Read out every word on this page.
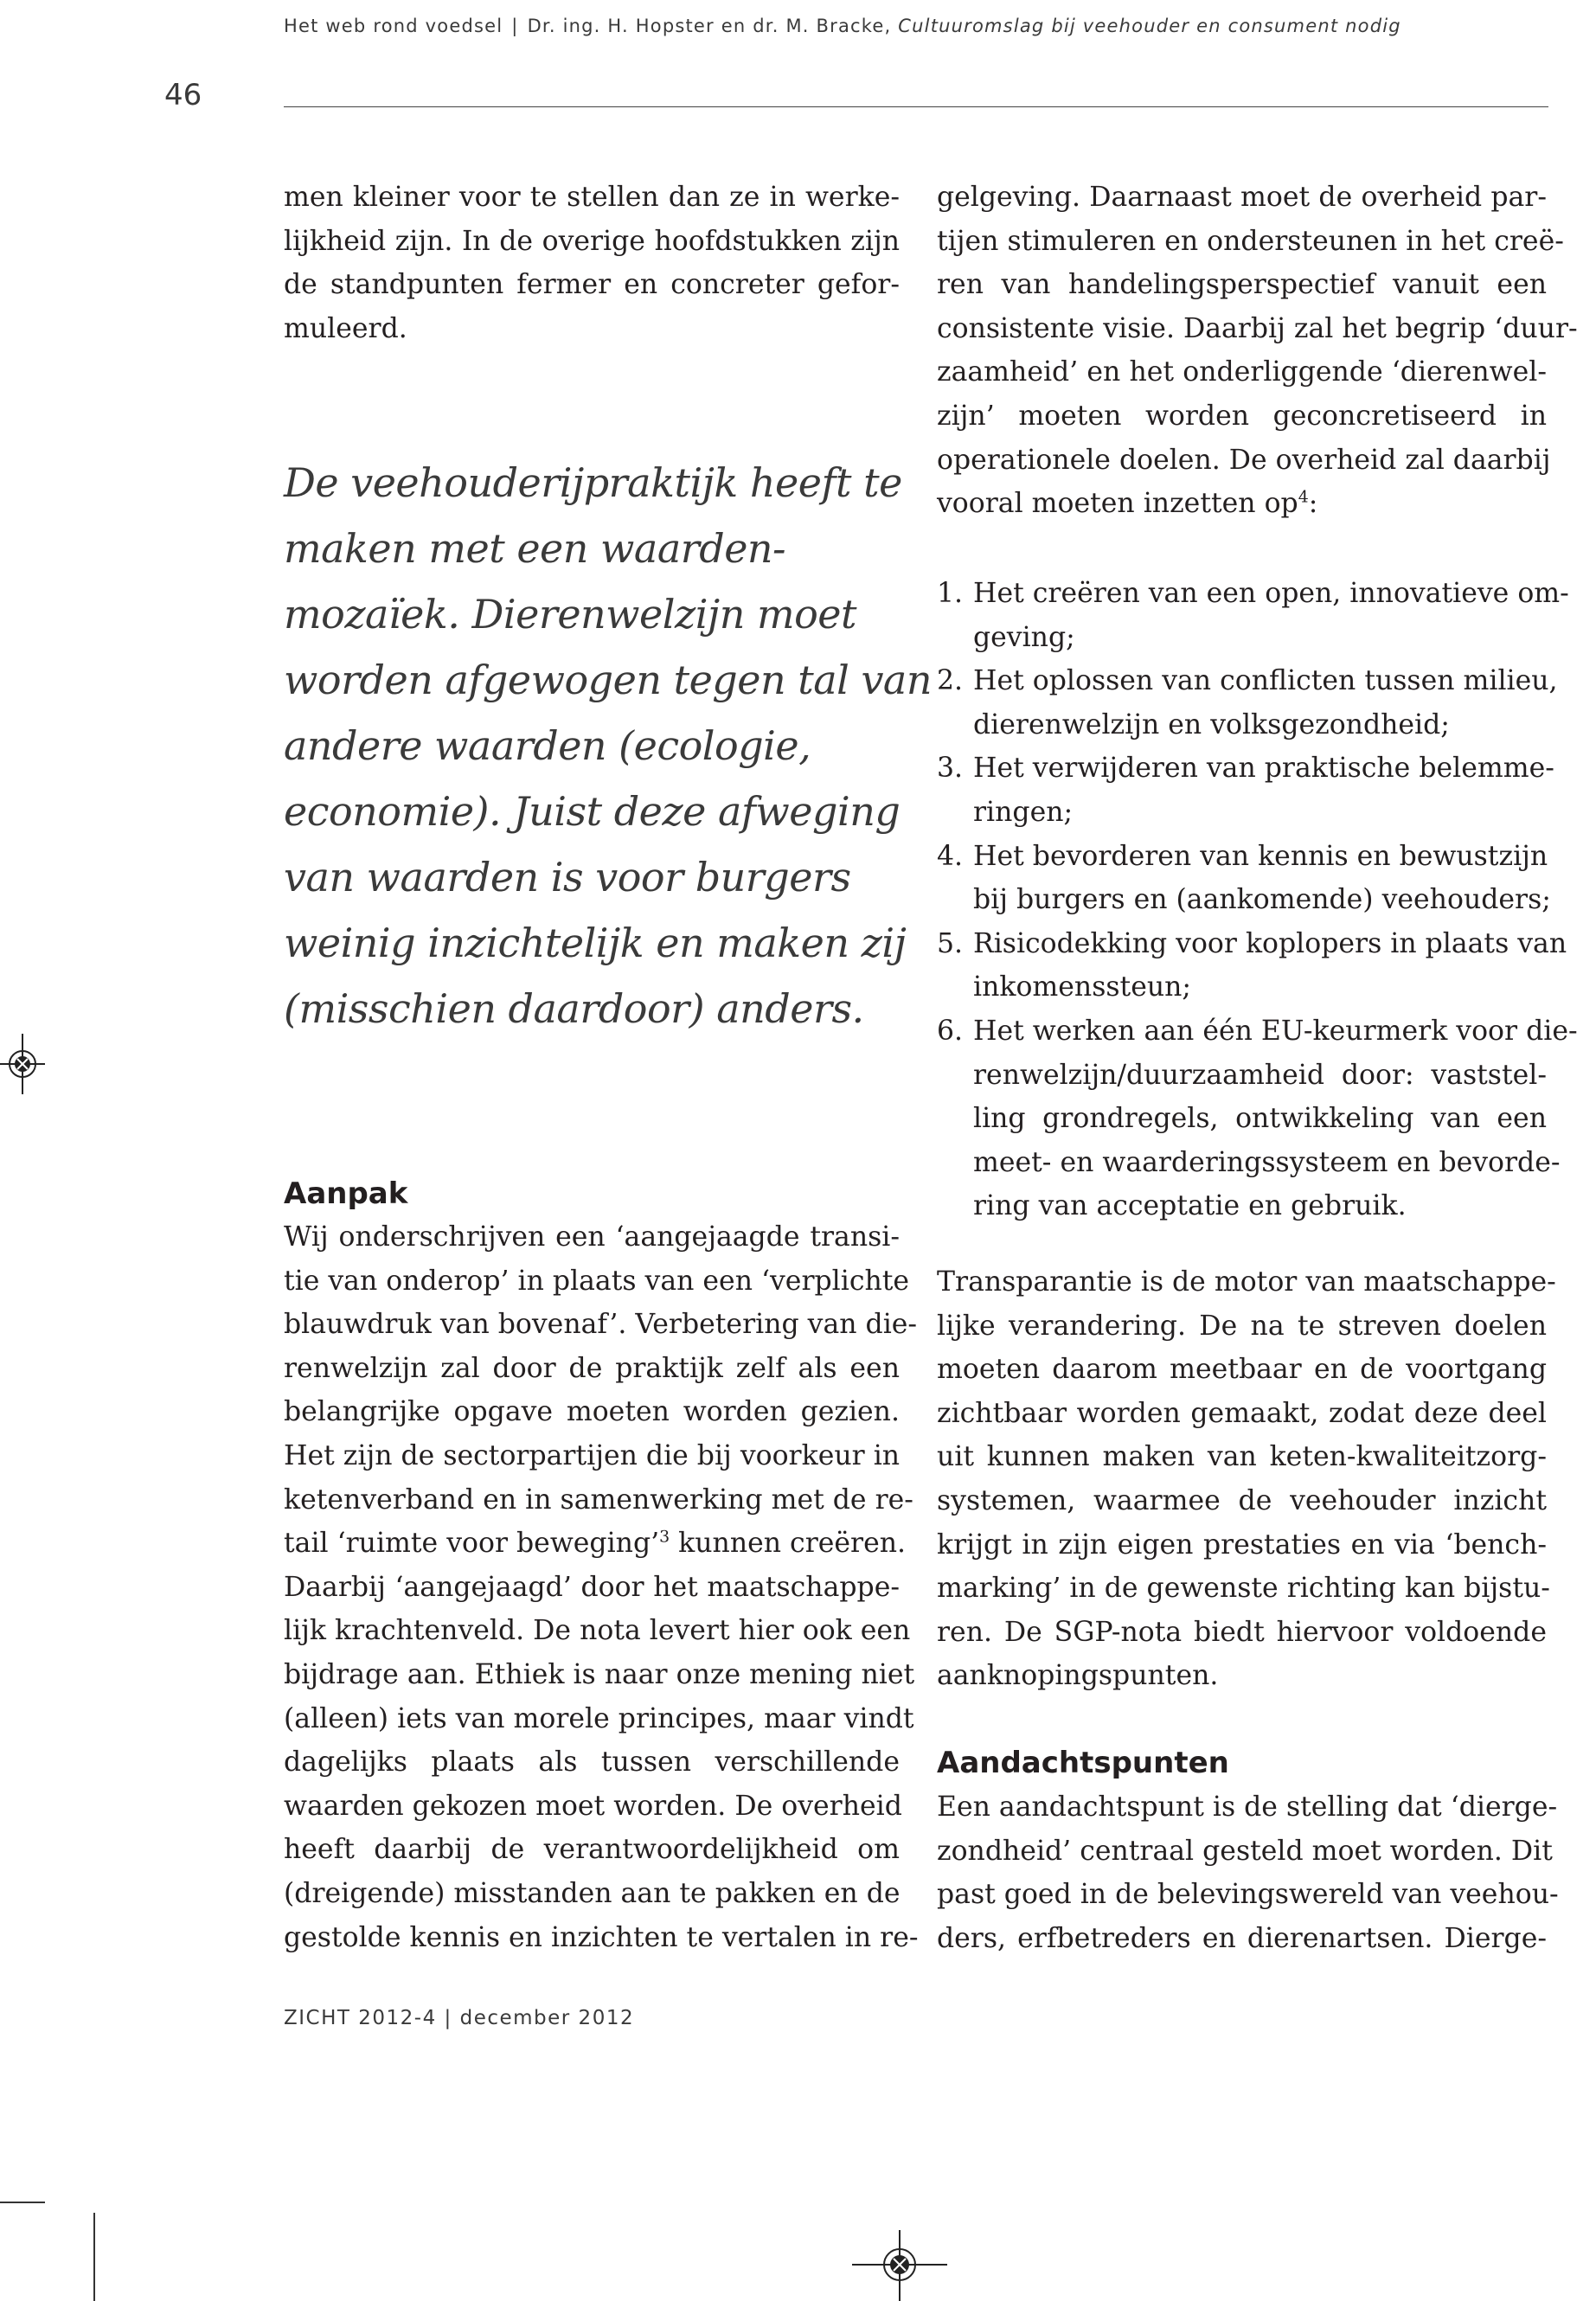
Het web rond voedsel | Dr. ing. H. Hopster en dr. M. Bracke, Cultuuromslag bij veehouder en consument nodig
46
men kleiner voor te stellen dan ze in werke-
lijkheid zijn. In de overige hoofdstukken zijn
de standpunten fermer en concreter gefor-
muleerd.
De veehouderijpraktijk heeft te
maken met een waarden-
mozaïek. Dierenwelzijn moet
worden afgewogen tegen tal van
andere waarden (ecologie,
economie). Juist deze afweging
van waarden is voor burgers
weinig inzichtelijk en maken zij
(misschien daardoor) anders.
Aanpak
Wij onderschrijven een ‘aangejaagde transi-
tie van onderop’ in plaats van een ‘verplichte
blauwdruk van bovenaf’. Verbetering van die-
renwelzijn zal door de praktijk zelf als een
belangrijke opgave moeten worden gezien.
Het zijn de sectorpartijen die bij voorkeur in
ketenverband en in samenwerking met de re-
tail ‘ruimte voor beweging’$^3$ kunnen creëren.
Daarbij ‘aangejaagd’ door het maatschappe-
lijk krachtenveld. De nota levert hier ook een
bijdrage aan. Ethiek is naar onze mening niet
(alleen) iets van morele principes, maar vindt
dagelijks plaats als tussen verschillende
waarden gekozen moet worden. De overheid
heeft daarbij de verantwoordelijkheid om
(dreigende) misstanden aan te pakken en de
gestolde kennis en inzichten te vertalen in re-
gelgeving. Daarnaast moet de overheid par-
tijen stimuleren en ondersteunen in het creë-
ren van handelingsperspectief vanuit een
consistente visie. Daarbij zal het begrip ‘duur-
zaamheid’ en het onderliggende ‘dierenwel-
zijn’ moeten worden geconcretiseerd in
operationele doelen. De overheid zal daarbij
vooral moeten inzetten $op^4$:
1. Het creëren van een open, innovatieve om-
geving;
2. Het oplossen van conflicten tussen milieu,
dierenwelzijn en volksgezondheid;
3. Het verwijderen van praktische belemme-
ringen;
4. Het bevorderen van kennis en bewustzijn
bij burgers en (aankomende) veehouders;
5. Risicodekking voor koplopers in plaats van
inkomenssteun;
6. Het werken aan één EU-keurmerk voor die-
renwelzijn/duurzaamheid door: vaststel-
ling grondregels, ontwikkeling van een
meet- en waarderingssysteem en bevorde-
ring van acceptatie en gebruik.
Transparantie is de motor van maatschappe-
lijke verandering. De na te streven doelen
moeten daarom meetbaar en de voortgang
zichtbaar worden gemaakt, zodat deze deel
uit kunnen maken van keten-kwaliteitzorg-
systemen, waarmee de veehouder inzicht
krijgt in zijn eigen prestaties en via ‘bench-
marking’ in de gewenste richting kan bijstu-
ren. De SGP-nota biedt hiervoor voldoende
aanknopingspunten.
Aandachtspunten
Een aandachtspunt is de stelling dat ‘dierge-
zondheid’ centraal gesteld moet worden. Dit
past goed in de belevingswereld van veehou-
ders, erfbetreders en dierenartsen. Dierge-
ZICHT 2012-4 | december 2012
